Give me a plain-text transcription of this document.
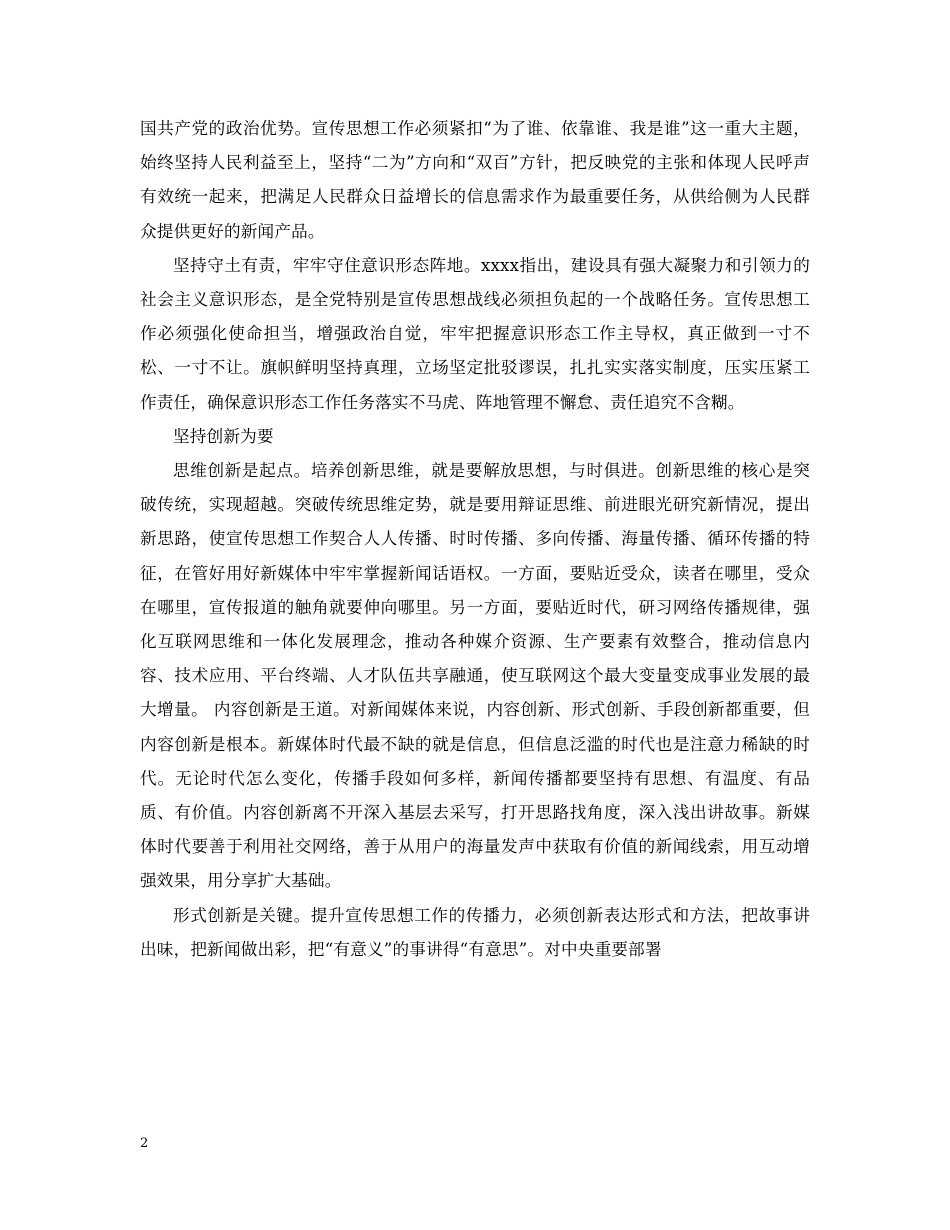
国共产党的政治优势。宣传思想工作必须紧扣“为了谁、依靠谁、我是谁”这一重大主题，始终坚持人民利益至上，坚持“二为”方向和“双百”方针，把反映党的主张和体现人民呼声有效统一起来，把满足人民群众日益增长的信息需求作为最重要任务，从供给侧为人民群众提供更好的新闻产品。

坚持守土有责，牢牢守住意识形态阵地。xxxx指出，建设具有强大凝聚力和引领力的社会主义意识形态，是全党特别是宣传思想战线必须担负起的一个战略任务。宣传思想工作必须强化使命担当，增强政治自觉，牢牢把握意识形态工作主导权，真正做到一寸不松、一寸不让。旗帜鲜明坚持真理，立场坚定批驳谬误，扎扎实实落实制度，压实压紧工作责任，确保意识形态工作任务落实不马虎、阵地管理不懈怠、责任追究不含糊。

坚持创新为要

思维创新是起点。培养创新思维，就是要解放思想，与时俱进。创新思维的核心是突破传统，实现超越。突破传统思维定势，就是要用辩证思维、前进眼光研究新情况，提出新思路，使宣传思想工作契合人人传播、时时传播、多向传播、海量传播、循环传播的特征，在管好用好新媒体中牢牢掌握新闻话语权。一方面，要贴近受众，读者在哪里，受众在哪里，宣传报道的触角就要伸向哪里。另一方面，要贴近时代，研习网络传播规律，强化互联网思维和一体化发展理念，推动各种媒介资源、生产要素有效整合，推动信息内容、技术应用、平台终端、人才队伍共享融通，使互联网这个最大变量变成事业发展的最大增量。 内容创新是王道。对新闻媒体来说，内容创新、形式创新、手段创新都重要，但内容创新是根本。新媒体时代最不缺的就是信息，但信息泛滥的时代也是注意力稀缺的时代。无论时代怎么变化，传播手段如何多样，新闻传播都要坚持有思想、有温度、有品质、有价值。内容创新离不开深入基层去采写，打开思路找角度，深入浅出讲故事。新媒体时代要善于利用社交网络，善于从用户的海量发声中获取有价值的新闻线索，用互动增强效果，用分享扩大基础。

形式创新是关键。提升宣传思想工作的传播力，必须创新表达形式和方法，把故事讲出味，把新闻做出彩，把“有意义”的事讲得“有意思”。对中央重要部署

2
